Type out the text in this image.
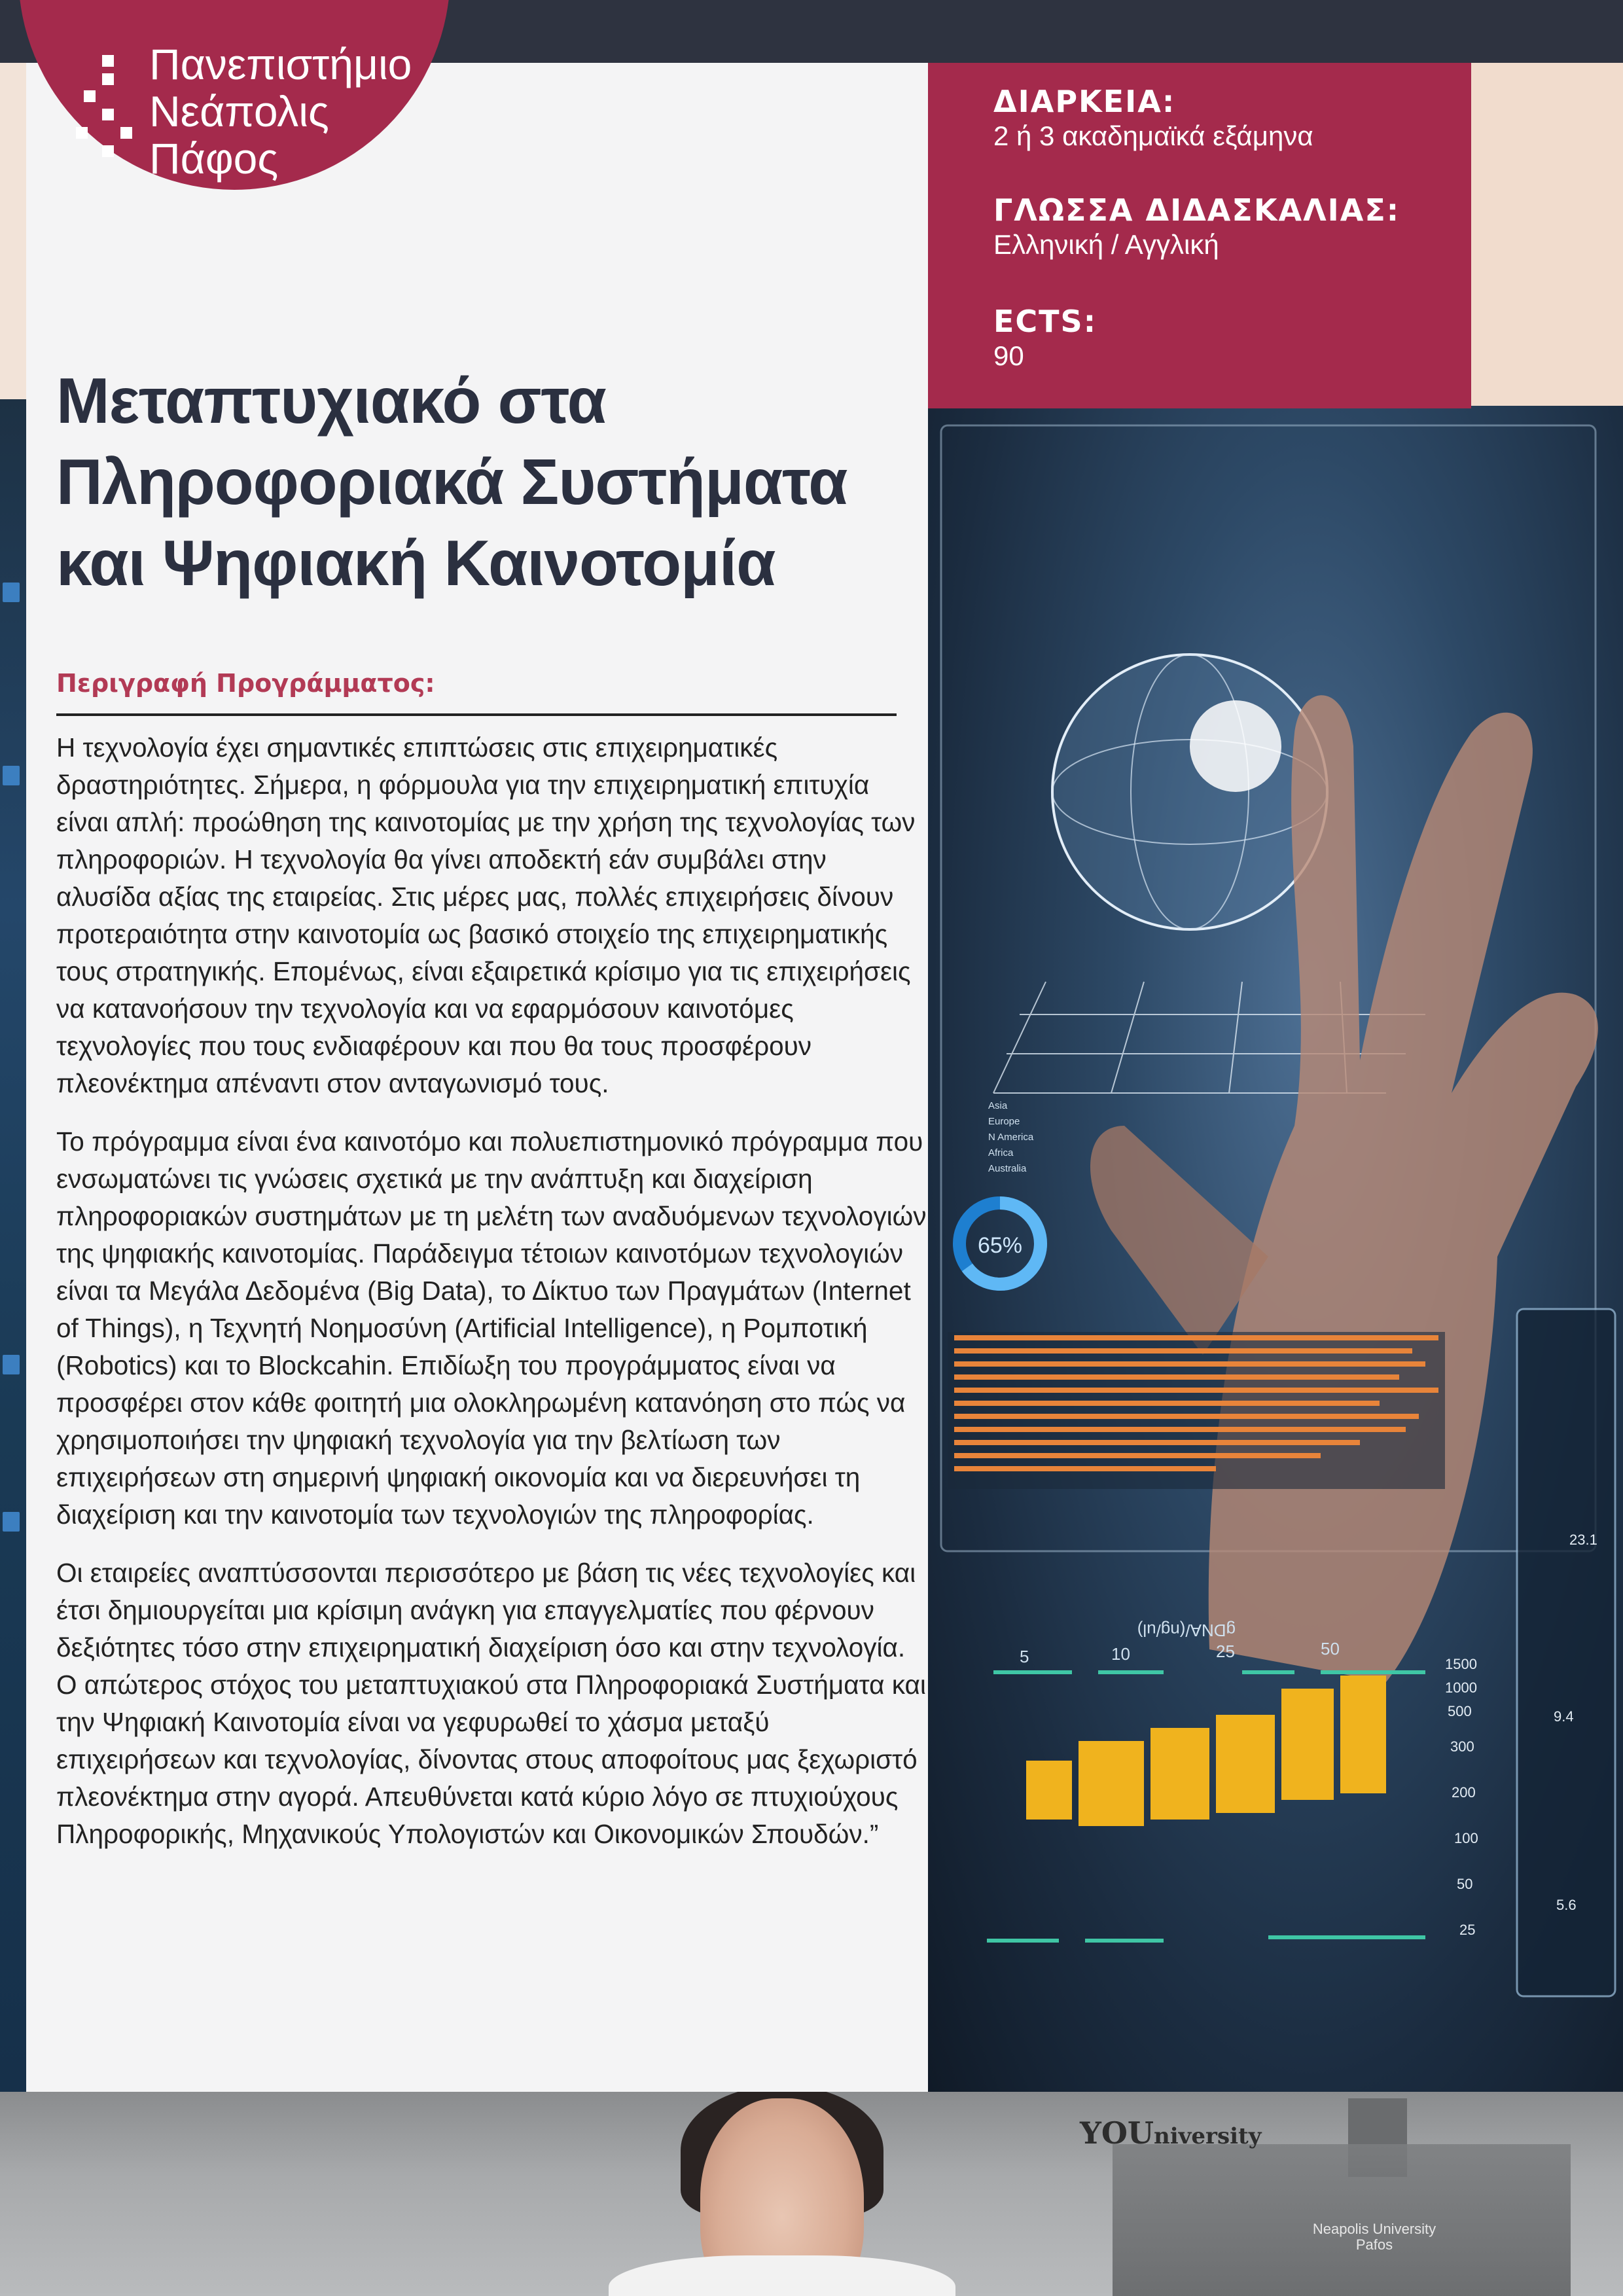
65%
Asia
Europe
N America
Africa
Australia
gDNA/(ng/ul)
5	10	25	50
1500
1000
500
300
200
100
50
25
23.1
9.4
5.6
Πανεπιστήμιο
Νεάπολις
Πάφος
ΔΙΑΡΚΕΙΑ:
2 ή 3 ακαδημαϊκά εξάμηνα
ΓΛΩΣΣΑ ΔΙΔΑΣΚΑΛΙΑΣ:
Ελληνική / Αγγλική
ECTS:
90
Μεταπτυχιακό στα
Πληροφοριακά Συστήματα
και Ψηφιακή Καινοτομία
Περιγραφή Προγράμματος:

Η τεχνολογία έχει σημαντικές επιπτώσεις στις επιχειρηματικές δραστηριότητες. Σήμερα, η φόρμουλα για την επιχειρηματική επιτυχία είναι απλή: προώθηση της καινοτομίας με την χρήση της τεχνολογίας των πληροφοριών. Η τεχνολογία θα γίνει αποδεκτή εάν συμβάλει στην αλυσίδα αξίας της εταιρείας. Στις μέρες μας, πολλές επιχειρήσεις δίνουν προτεραιότητα στην καινοτομία ως βασικό στοιχείο της επιχειρηματικής τους στρατηγικής. Επομένως, είναι εξαιρετικά κρίσιμο για τις επιχειρήσεις να κατανοήσουν την τεχνολογία και να εφαρμόσουν καινοτόμες τεχνολογίες που τους ενδιαφέρουν και που θα τους προσφέρουν πλεονέκτημα απέναντι στον ανταγωνισμό τους.

Το πρόγραμμα είναι ένα καινοτόμο και πολυεπιστημονικό πρόγραμμα που ενσωματώνει τις γνώσεις σχετικά με την ανάπτυξη και διαχείριση πληροφοριακών συστημάτων με τη μελέτη των αναδυόμενων τεχνολογιών της ψηφιακής καινοτομίας. Παράδειγμα τέτοιων καινοτόμων τεχνολογιών είναι τα Μεγάλα Δεδομένα (Big Data), το Δίκτυο των Πραγμάτων (Internet of Things), η Τεχνητή Νοημοσύνη (Artificial Intelligence), η Ρομποτική (Robotics) και το Blockcahin. Επιδίωξη του προγράμματος είναι να προσφέρει στον κάθε φοιτητή μια ολοκληρωμένη κατανόηση στο πώς να χρησιμοποιήσει την ψηφιακή τεχνολογία για την βελτίωση των επιχειρήσεων στη σημερινή ψηφιακή οικονομία και να διερευνήσει τη διαχείριση και την καινοτομία των τεχνολογιών της πληροφορίας.

Οι εταιρείες αναπτύσσονται περισσότερο με βάση τις νέες τεχνολογίες και έτσι δημιουργείται μια κρίσιμη ανάγκη για επαγγελματίες που φέρνουν δεξιότητες τόσο στην επιχειρηματική διαχείριση όσο και στην τεχνολογία. Ο απώτερος στόχος του μεταπτυχιακού στα Πληροφοριακά Συστήματα και την Ψηφιακή Καινοτομία είναι να γεφυρωθεί το χάσμα μεταξύ επιχειρήσεων και τεχνολογίας, δίνοντας στους αποφοίτους μας ξεχωριστό πλεονέκτημα στην αγορά. Απευθύνεται κατά κύριο λόγο σε πτυχιούχους Πληροφορικής, Μηχανικούς Υπολογιστών και Οικονομικών Σπουδών.”

YOUniversity
Neapolis University
Pafos
